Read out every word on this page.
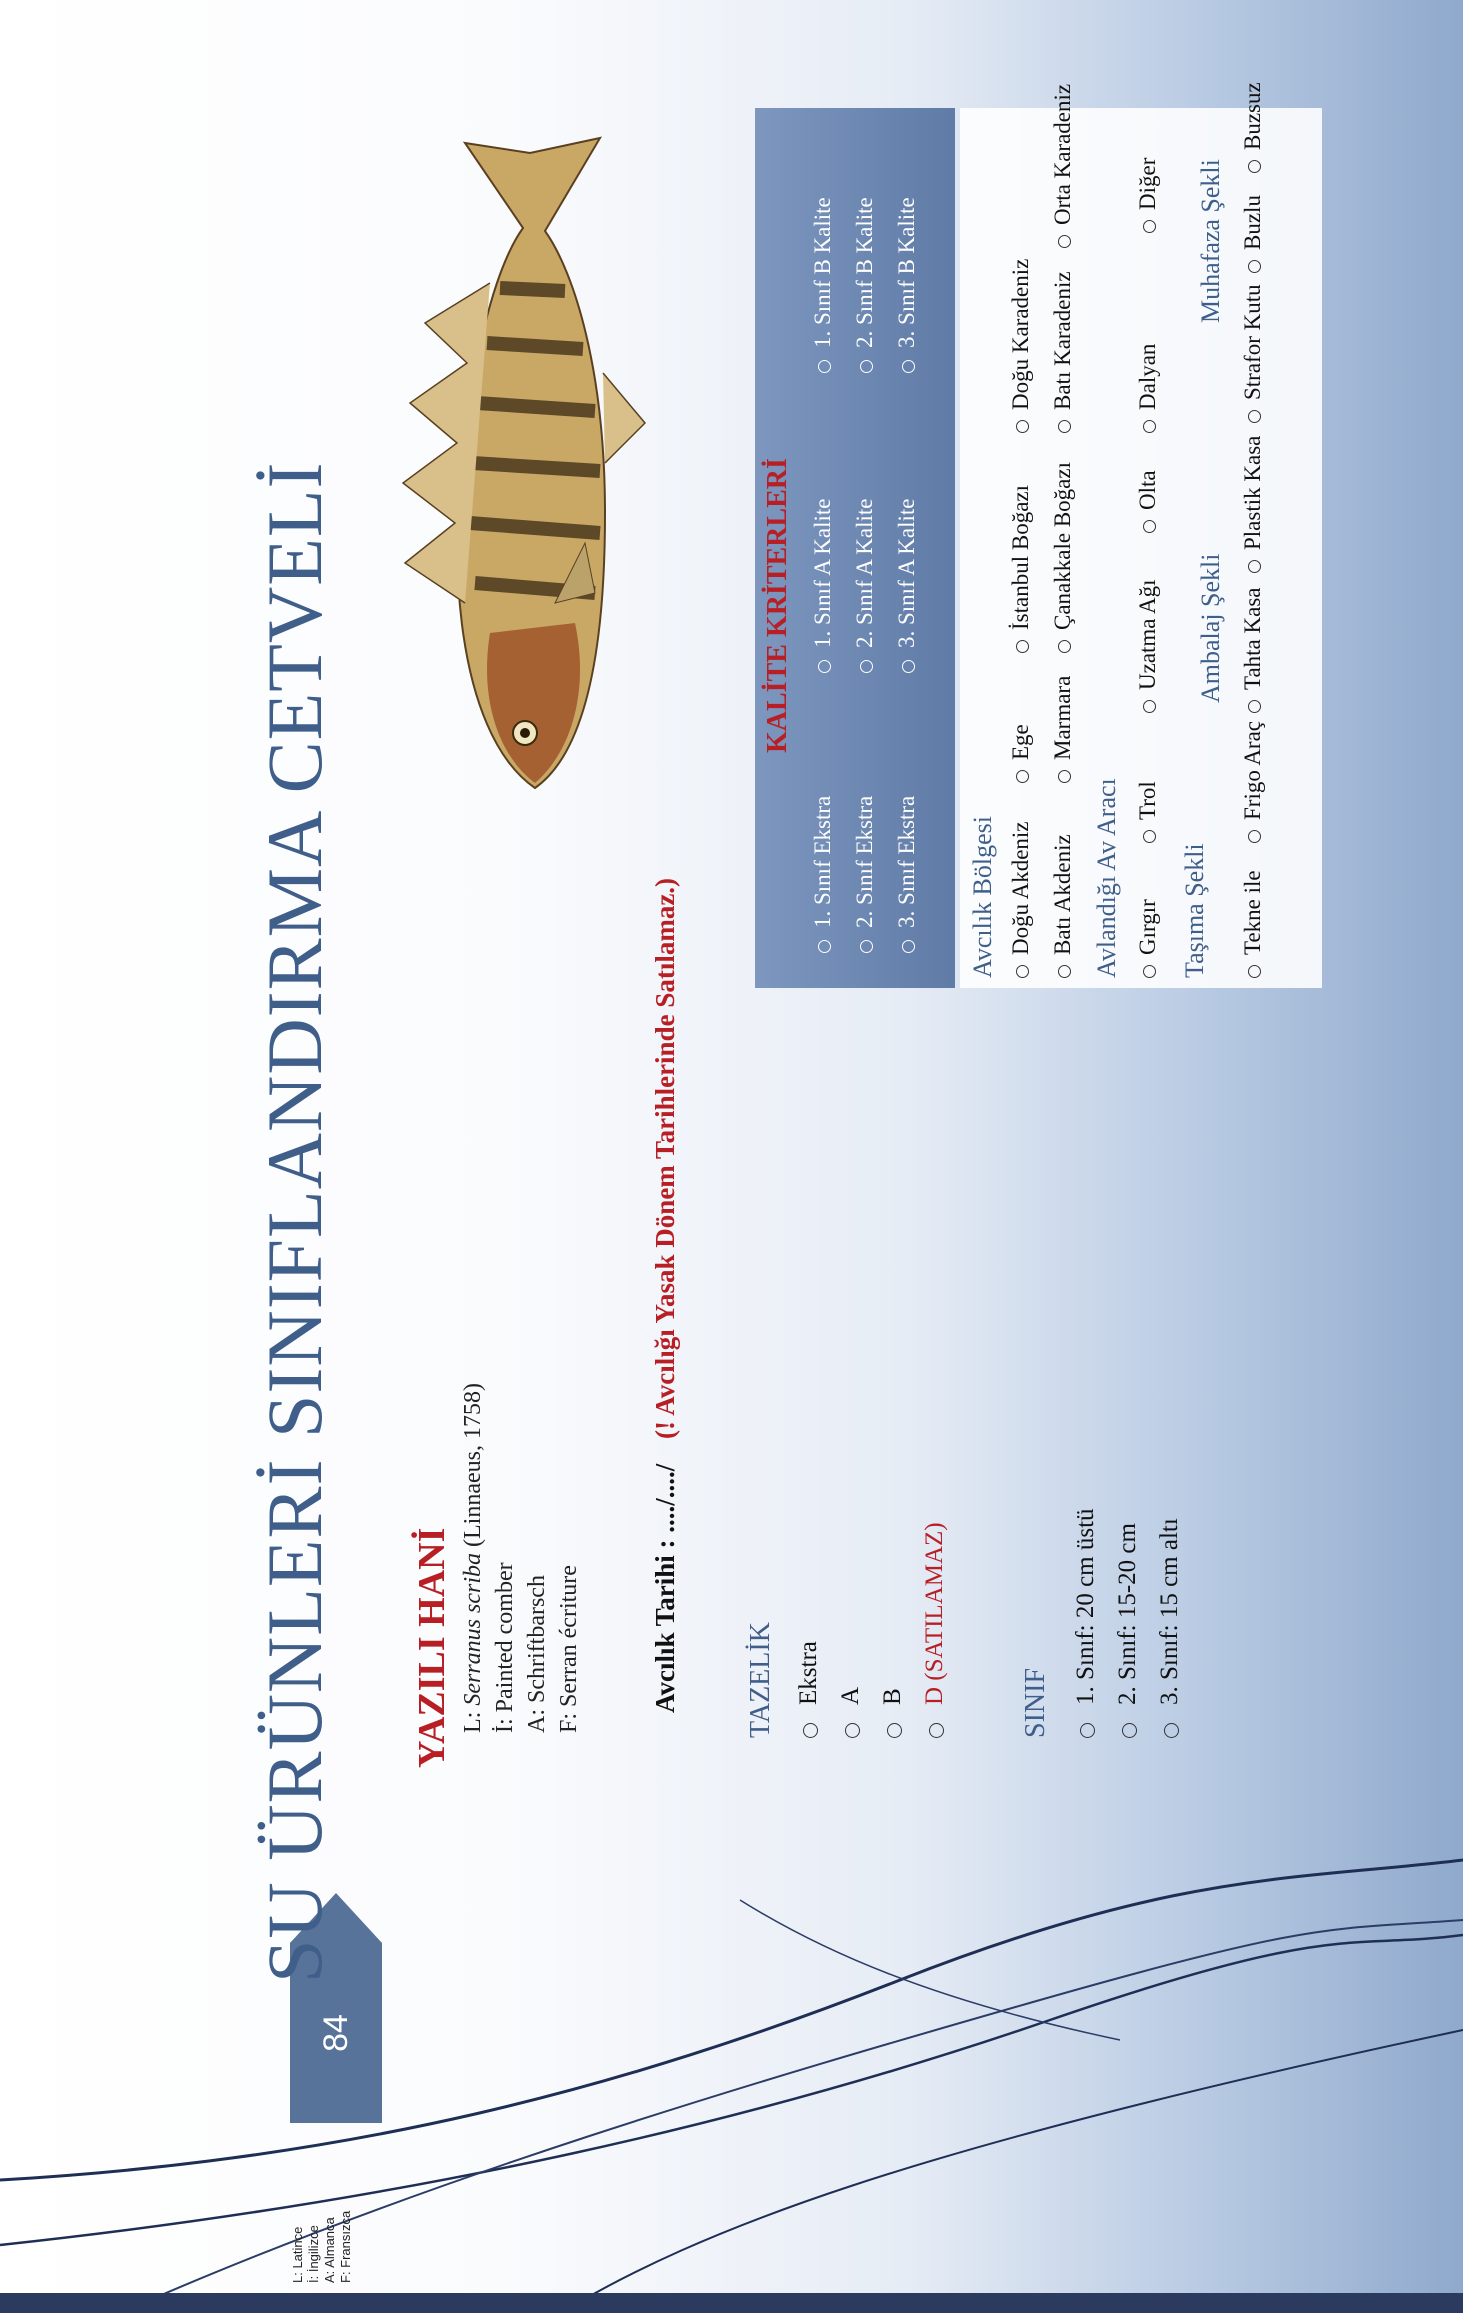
84
SU ÜRÜNLERİ SINIFLANDIRMA CETVELİ YAZILI HANİ L: Serranus scriba (Linnaeus, 1758)
İ: Painted comber A: Schriftbarsch F: Serran écriture	Avcılık Tarihi : ..../..../ (! Avcılığı Yasak Dönem Tarihlerinde Satılamaz.)
TAZELİK Ekstra A B D (SATILAMAZ)	SINIF 1. Sınıf: 20 cm üstü 2. Sınıf: 15-20 cm 3. Sınıf: 15 cm altı
KALİTE KRİTERLERİ
1. Sınıf Ekstra 2. Sınıf Ekstra 3. Sınıf Ekstra
1. Sınıf A Kalite 2. Sınıf A Kalite 3. Sınıf A Kalite
1. Sınıf B Kalite 2. Sınıf B Kalite 3. Sınıf B Kalite
Avcılık Bölgesi Doğu Akdeniz
Ege
İstanbul Boğazı
Doğu Karadeniz
Batı Akdeniz
Marmara
Çanakkale Boğazı
Batı Karadeniz
Orta Karadeniz
Avlandığı Av Aracı Gırgır
Trol
Uzatma Ağı
Olta
Dalyan
Diğer
Taşıma Şekli
Ambalaj Şekli
Muhafaza Şekli
Tekne ile
Frigo Araç
Tahta Kasa
Plastik Kasa
Strafor Kutu
Buzlu
Buzsuz
L: Latince İ: İngilizce A: Almanca F: Fransızca
